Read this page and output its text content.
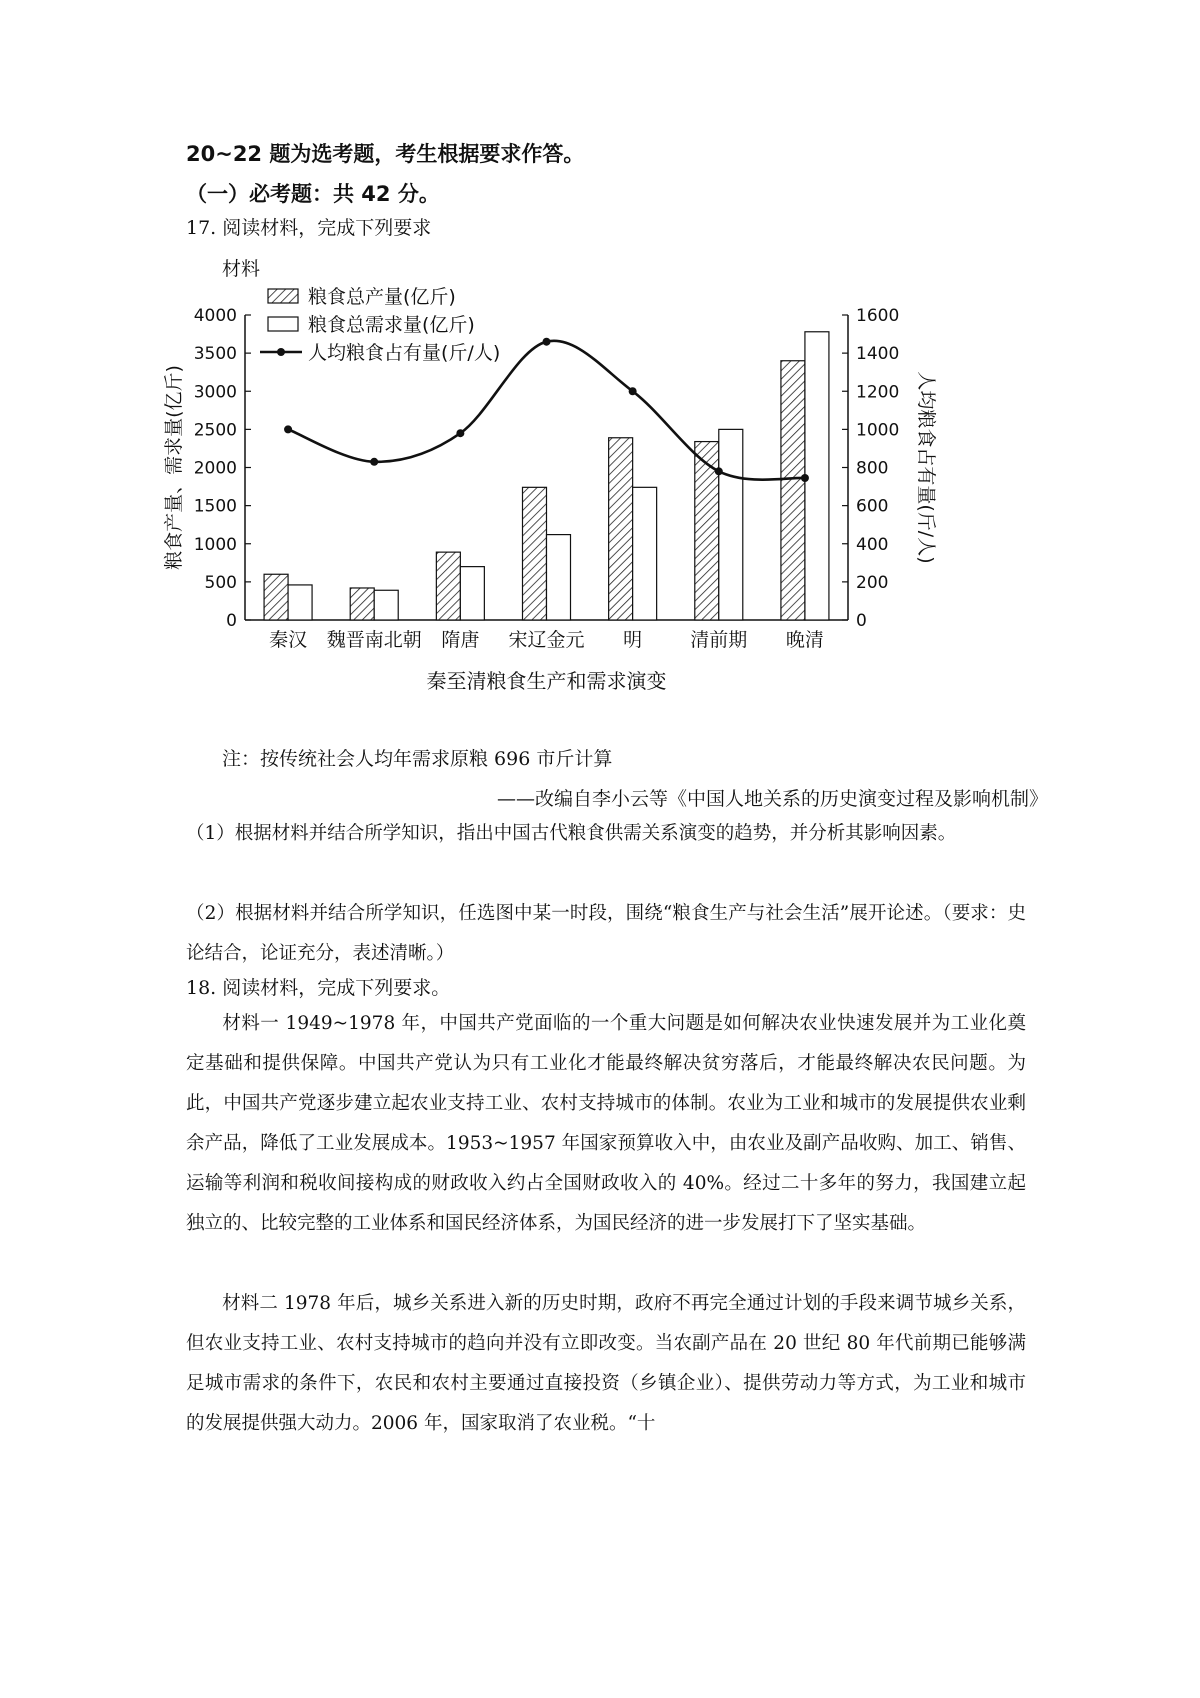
20~22 题为选考题，考生根据要求作答。
（一）必考题：共 42 分。
17. 阅读材料，完成下列要求
材料
0
500
1000
1500
2000
2500
3000
3500
4000
0
200
400
600
800
1000
1200
1400
1600
粮食产量、需求量(亿斤)	人均粮食占有量(斤/人)
秦汉 魏晋南北朝 隋唐 宋辽金元 明	清前期 晚清
粮食总产量(亿斤)
粮食总需求量(亿斤)
人均粮食占有量(斤/人)
秦至清粮食生产和需求演变
注：按传统社会人均年需求原粮 696 市斤计算
——改编自李小云等《中国人地关系的历史演变过程及影响机制》
（1）根据材料并结合所学知识，指出中国古代粮食供需关系演变的趋势，并分析其影响因素。
（2）根据材料并结合所学知识，任选图中某一时段，围绕“粮食生产与社会生活”展开论述。（要求：史论结合，论证充分，表述清晰。）
18. 阅读材料，完成下列要求。
材料一 1949~1978 年，中国共产党面临的一个重大问题是如何解决农业快速发展并为工业化奠定基础和提供保障。中国共产党认为只有工业化才能最终解决贫穷落后，才能最终解决农民问题。为此，中国共产党逐步建立起农业支持工业、农村支持城市的体制。农业为工业和城市的发展提供农业剩余产品，降低了工业发展成本。1953~1957 年国家预算收入中，由农业及副产品收购、加工、销售、运输等利润和税收间接构成的财政收入约占全国财政收入的 40%。经过二十多年的努力，我国建立起独立的、比较完整的工业体系和国民经济体系，为国民经济的进一步发展打下了坚实基础。
材料二 1978 年后，城乡关系进入新的历史时期，政府不再完全通过计划的手段来调节城乡关系，但农业支持工业、农村支持城市的趋向并没有立即改变。当农副产品在 20 世纪 80 年代前期已能够满足城市需求的条件下，农民和农村主要通过直接投资（乡镇企业）、提供劳动力等方式，为工业和城市的发展提供强大动力。2006 年，国家取消了农业税。“十
